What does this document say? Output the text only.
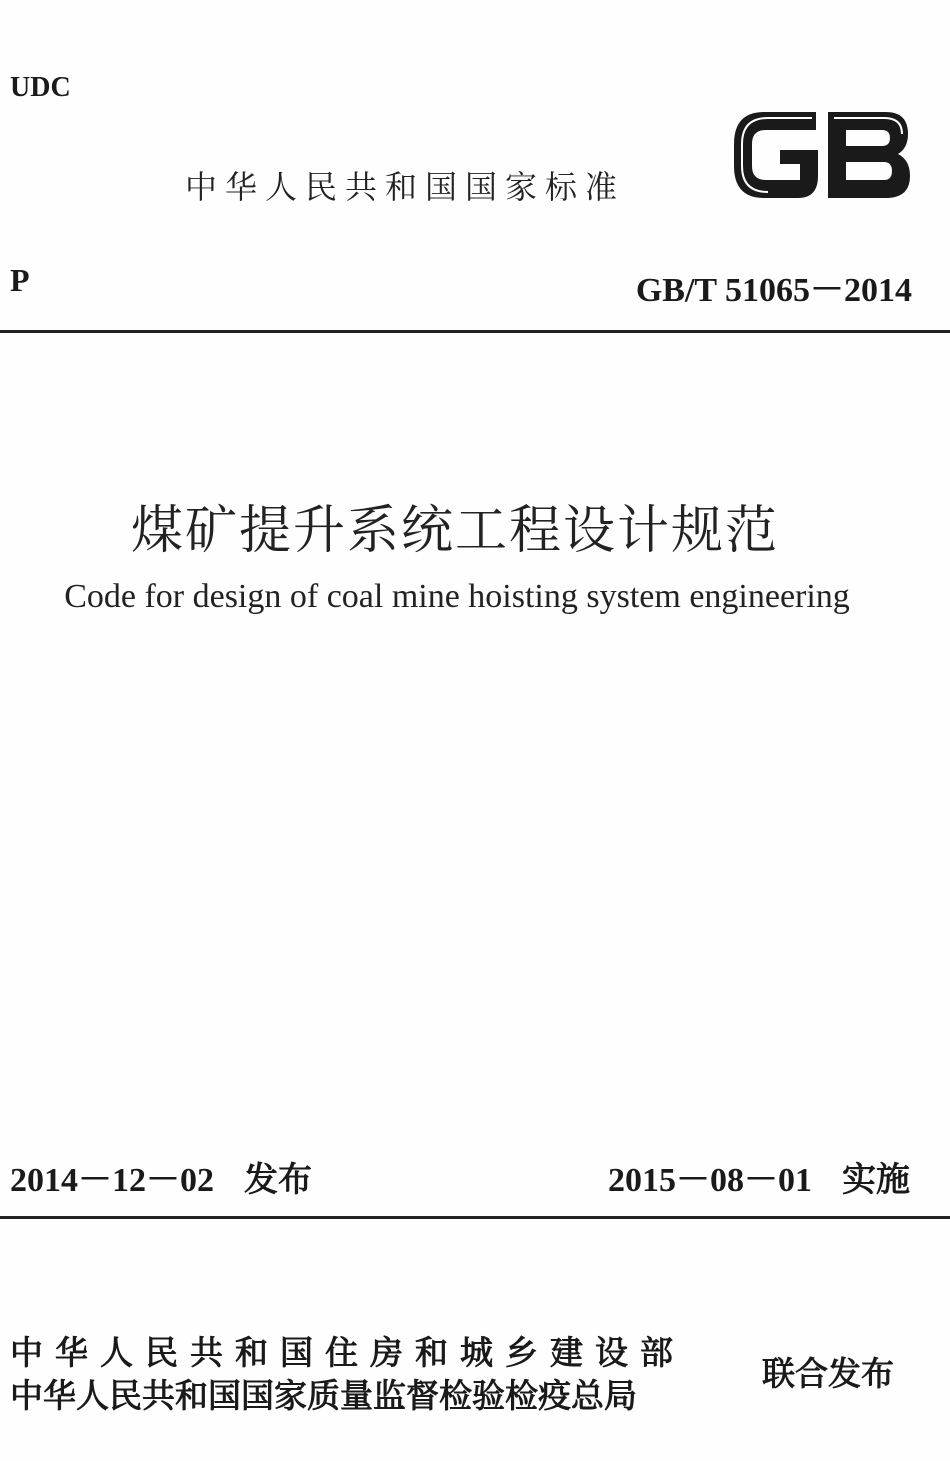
UDC
中华人民共和国国家标准
P	GB/T 51065－2014
煤矿提升系统工程设计规范
Code for design of coal mine hoisting system engineering
2014－12－02 发布	2015－08－01 实施
中华人民共和国住房和城乡建设部
中华人民共和国国家质量监督检验检疫总局
联合发布
